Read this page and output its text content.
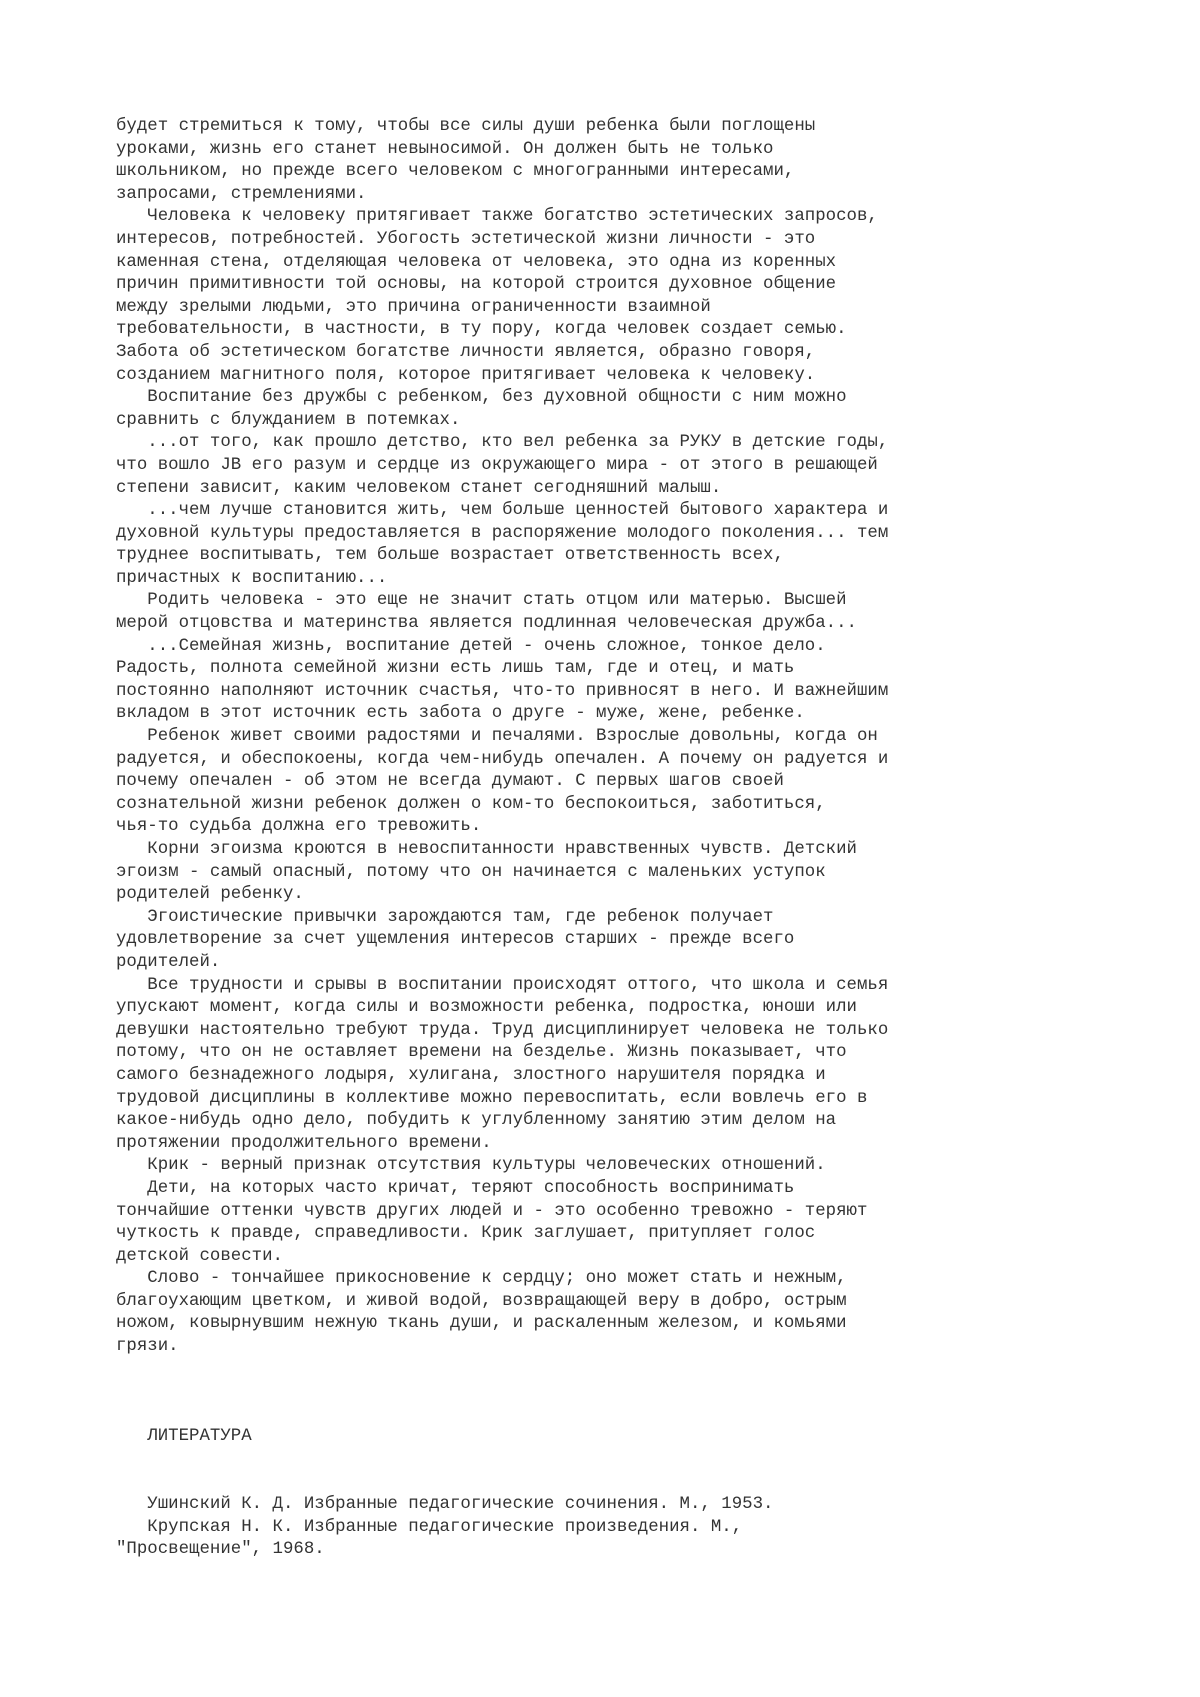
будет стремиться к тому, чтобы все силы души ребенка были поглощены
уроками, жизнь его станет невыносимой. Он должен быть не только
школьником, но прежде всего человеком с многогранными интересами,
запросами, стремлениями.
Человека к человеку притягивает также богатство эстетических запросов,
интересов, потребностей. Убогость эстетической жизни личности - это
каменная стена, отделяющая человека от человека, это одна из коренных
причин примитивности той основы, на которой строится духовное общение
между зрелыми людьми, это причина ограниченности взаимной
требовательности, в частности, в ту пору, когда человек создает семью.
Забота об эстетическом богатстве личности является, образно говоря,
созданием магнитного поля, которое притягивает человека к человеку.
Воспитание без дружбы с ребенком, без духовной общности с ним можно
сравнить с блужданием в потемках.
...от того, как прошло детство, кто вел ребенка за РУКУ в детские годы,
что вошло JВ его разум и сердце из окружающего мира - от этого в решающей
степени зависит, каким человеком станет сегодняшний малыш.
...чем лучше становится жить, чем больше ценностей бытового характера и
духовной культуры предоставляется в распоряжение молодого поколения... тем
труднее воспитывать, тем больше возрастает ответственность всех,
причастных к воспитанию...
Родить человека - это еще не значит стать отцом или матерью. Высшей
мерой отцовства и материнства является подлинная человеческая дружба...
...Семейная жизнь, воспитание детей - очень сложное, тонкое дело.
Радость, полнота семейной жизни есть лишь там, где и отец, и мать
постоянно наполняют источник счастья, что-то привносят в него. И важнейшим
вкладом в этот источник есть забота о друге - муже, жене, ребенке.
Ребенок живет своими радостями и печалями. Взрослые довольны, когда он
радуется, и обеспокоены, когда чем-нибудь опечален. А почему он радуется и
почему опечален - об этом не всегда думают. С первых шагов своей
сознательной жизни ребенок должен о ком-то беспокоиться, заботиться,
чья-то судьба должна его тревожить.
Корни эгоизма кроются в невоспитанности нравственных чувств. Детский
эгоизм - самый опасный, потому что он начинается с маленьких уступок
родителей ребенку.
Эгоистические привычки зарождаются там, где ребенок получает
удовлетворение за счет ущемления интересов старших - прежде всего
родителей.
Все трудности и срывы в воспитании происходят оттого, что школа и семья
упускают момент, когда силы и возможности ребенка, подростка, юноши или
девушки настоятельно требуют труда. Труд дисциплинирует человека не только
потому, что он не оставляет времени на безделье. Жизнь показывает, что
самого безнадежного лодыря, хулигана, злостного нарушителя порядка и
трудовой дисциплины в коллективе можно перевоспитать, если вовлечь его в
какое-нибудь одно дело, побудить к углубленному занятию этим делом на
протяжении продолжительного времени.
Крик - верный признак отсутствия культуры человеческих отношений.
Дети, на которых часто кричат, теряют способность воспринимать
тончайшие оттенки чувств других людей и - это особенно тревожно - теряют
чуткость к правде, справедливости. Крик заглушает, притупляет голос
детской совести.
Слово - тончайшее прикосновение к сердцу; оно может стать и нежным,
благоухающим цветком, и живой водой, возвращающей веру в добро, острым
ножом, ковырнувшим нежную ткань души, и раскаленным железом, и комьями
грязи.
ЛИТЕРАТУРА
Ушинский К. Д. Избранные педагогические сочинения. М., 1953.
Крупская Н. К. Избранные педагогические произведения. М.,
"Просвещение", 1968.
